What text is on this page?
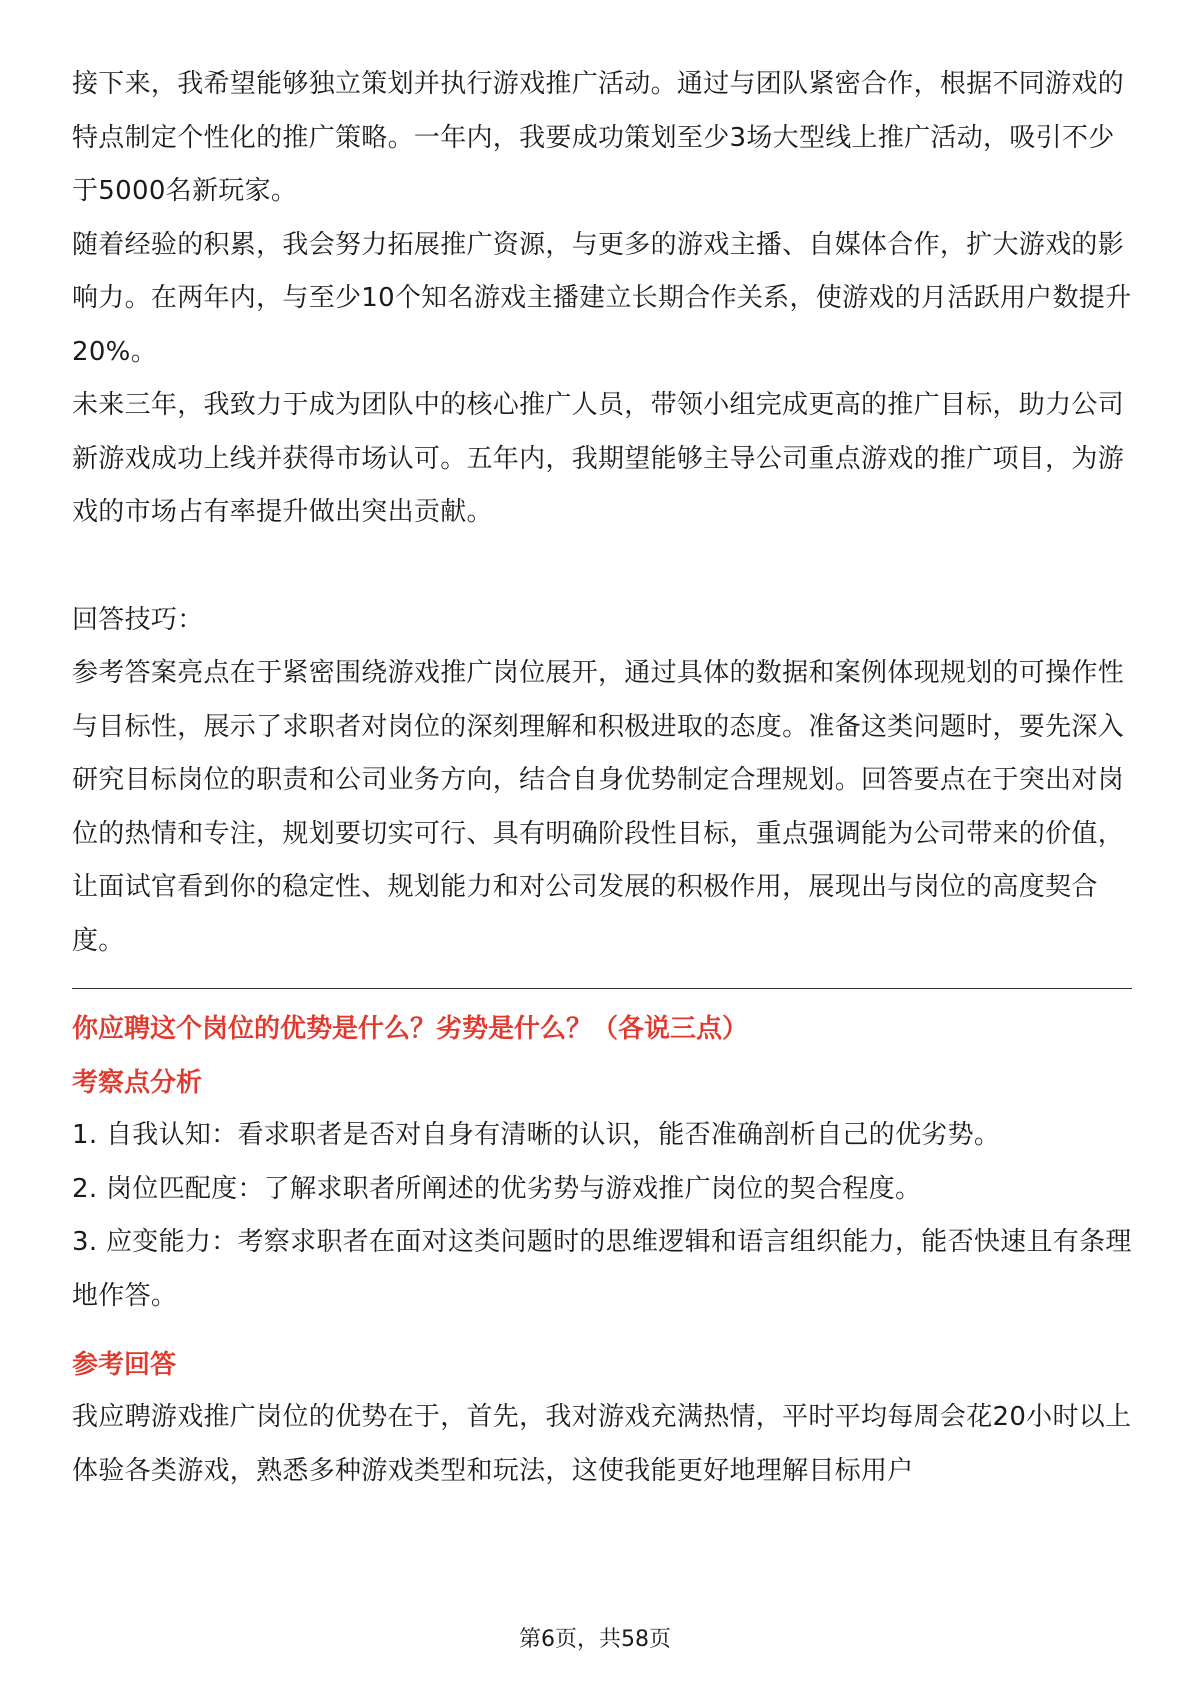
​

接下来，我希望能够独立策划并执行游戏推广活动。通过与团队紧密合作，根据不同游戏的特点制定个性化的推广策略。一年内，我要成功策划至少3场大型线上推广活动，吸引不少于5000名新玩家。

随着经验的积累，我会努力拓展推广资源，与更多的游戏主播、自媒体合作，扩大游戏的影响力。在两年内，与至少10个知名游戏主播建立长期合作关系，使游戏的月活跃用户数提升20%。

未来三年，我致力于成为团队中的核心推广人员，带领小组完成更高的推广目标，助力公司新游戏成功上线并获得市场认可。五年内，我期望能够主导公司重点游戏的推广项目，为游戏的市场占有率提升做出突出贡献。

回答技巧：

参考答案亮点在于紧密围绕游戏推广岗位展开，通过具体的数据和案例体现规划的可操作性与目标性，展示了求职者对岗位的深刻理解和积极进取的态度。准备这类问题时，要先深入研究目标岗位的职责和公司业务方向，结合自身优势制定合理规划。回答要点在于突出对岗位的热情和专注，规划要切实可行、具有明确阶段性目标，重点强调能为公司带来的价值，让面试官看到你的稳定性、规划能力和对公司发展的积极作用，展现出与岗位的高度契合度。

你应聘这个岗位的优势是什么？劣势是什么？（各说三点）

考察点分析

1. 自我认知：看求职者是否对自身有清晰的认识，能否准确剖析自己的优劣势。

2. 岗位匹配度：了解求职者所阐述的优劣势与游戏推广岗位的契合程度。

3. 应变能力：考察求职者在面对这类问题时的思维逻辑和语言组织能力，能否快速且有条理地作答。

参考回答

我应聘游戏推广岗位的优势在于，首先，我对游戏充满热情，平时平均每周会花20小时以上体验各类游戏，熟悉多种游戏类型和玩法，这使我能更好地理解目标用户

第6页，共58页
